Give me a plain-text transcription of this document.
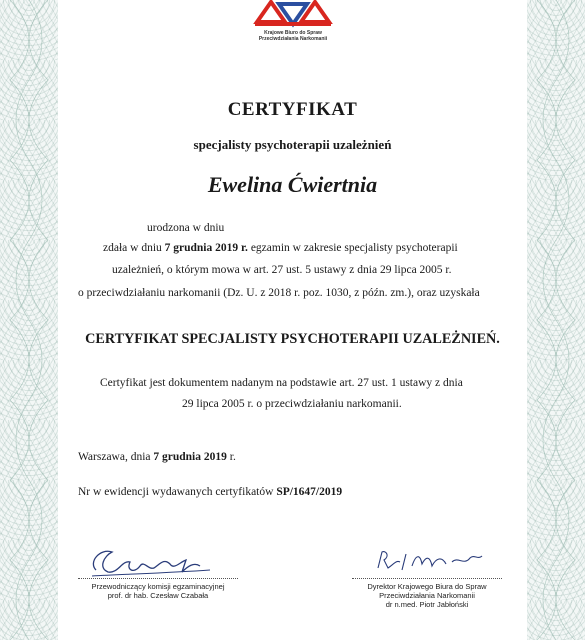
Krajowe Biuro do Spraw
Przeciwdziałania Narkomanii
CERTYFIKAT
specjalisty psychoterapii uzależnień
Ewelina Ćwiertnia
urodzona w dniu
zdała w dniu 7 grudnia 2019 r. egzamin w zakresie specjalisty psychoterapii
uzależnień, o którym mowa w art. 27 ust. 5 ustawy z dnia 29 lipca 2005 r.
o przeciwdziałaniu narkomanii (Dz. U. z 2018 r. poz. 1030, z późn. zm.), oraz uzyskała
CERTYFIKAT SPECJALISTY PSYCHOTERAPII UZALEŻNIEŃ.
Certyfikat jest dokumentem nadanym na podstawie art. 27 ust. 1 ustawy z dnia
29 lipca 2005 r. o przeciwdziałaniu narkomanii.
Warszawa, dnia 7 grudnia 2019 r.
Nr w ewidencji wydawanych certyfikatów SP/1647/2019
Przewodniczący komisji egzaminacyjnej
prof. dr hab. Czesław Czabała
Dyrektor Krajowego Biura do Spraw
Przeciwdziałania Narkomanii
dr n.med. Piotr Jabłoński
